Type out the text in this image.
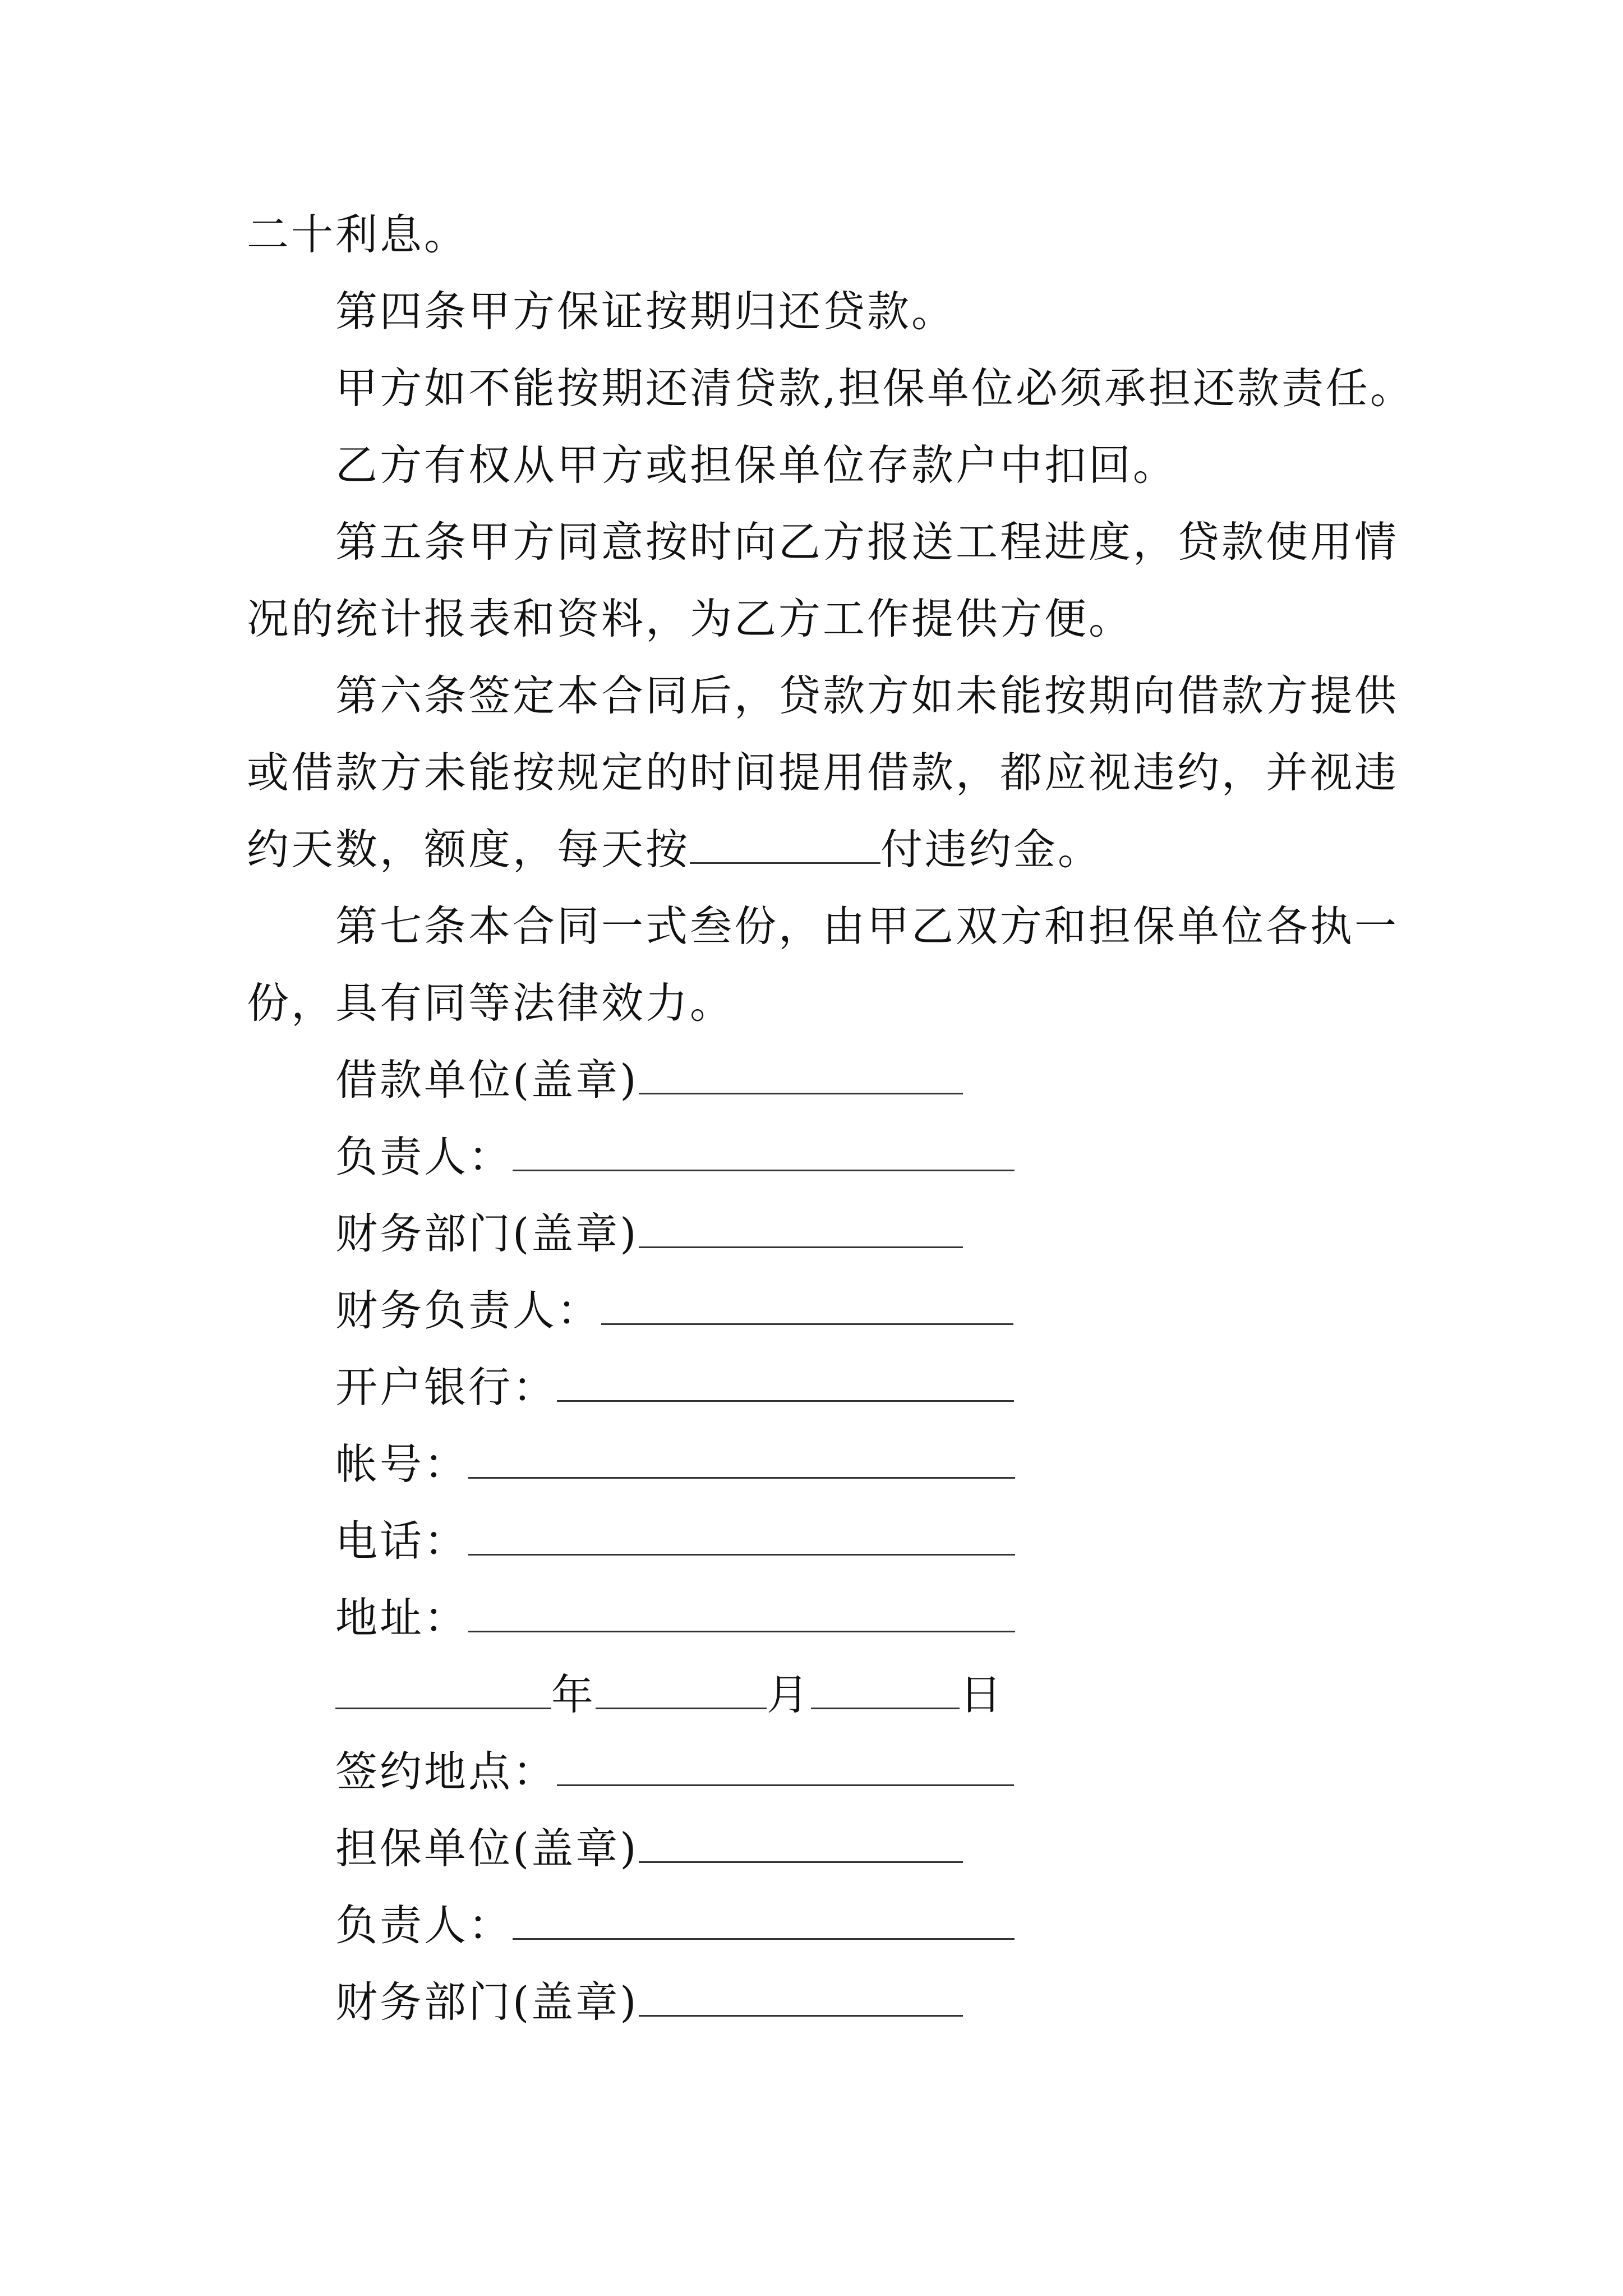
二十利息。
第四条甲方保证按期归还贷款。
甲方如不能按期还清贷款,担保单位必须承担还款责任。
乙方有权从甲方或担保单位存款户中扣回。
第五条甲方同意按时向乙方报送工程进度，贷款使用情
况的统计报表和资料，为乙方工作提供方便。
第六条签定本合同后，贷款方如未能按期向借款方提供
或借款方未能按规定的时间提用借款，都应视违约，并视违
约天数，额度，每天按	付违约金。
第七条本合同一式叁份，由甲乙双方和担保单位各执一
份，具有同等法律效力。
借款单位(盖章)
负责人：
财务部门(盖章)
财务负责人：
开户银行：
帐号：
电话：
地址：
年	月	日
签约地点：
担保单位(盖章)
负责人：
财务部门(盖章)
